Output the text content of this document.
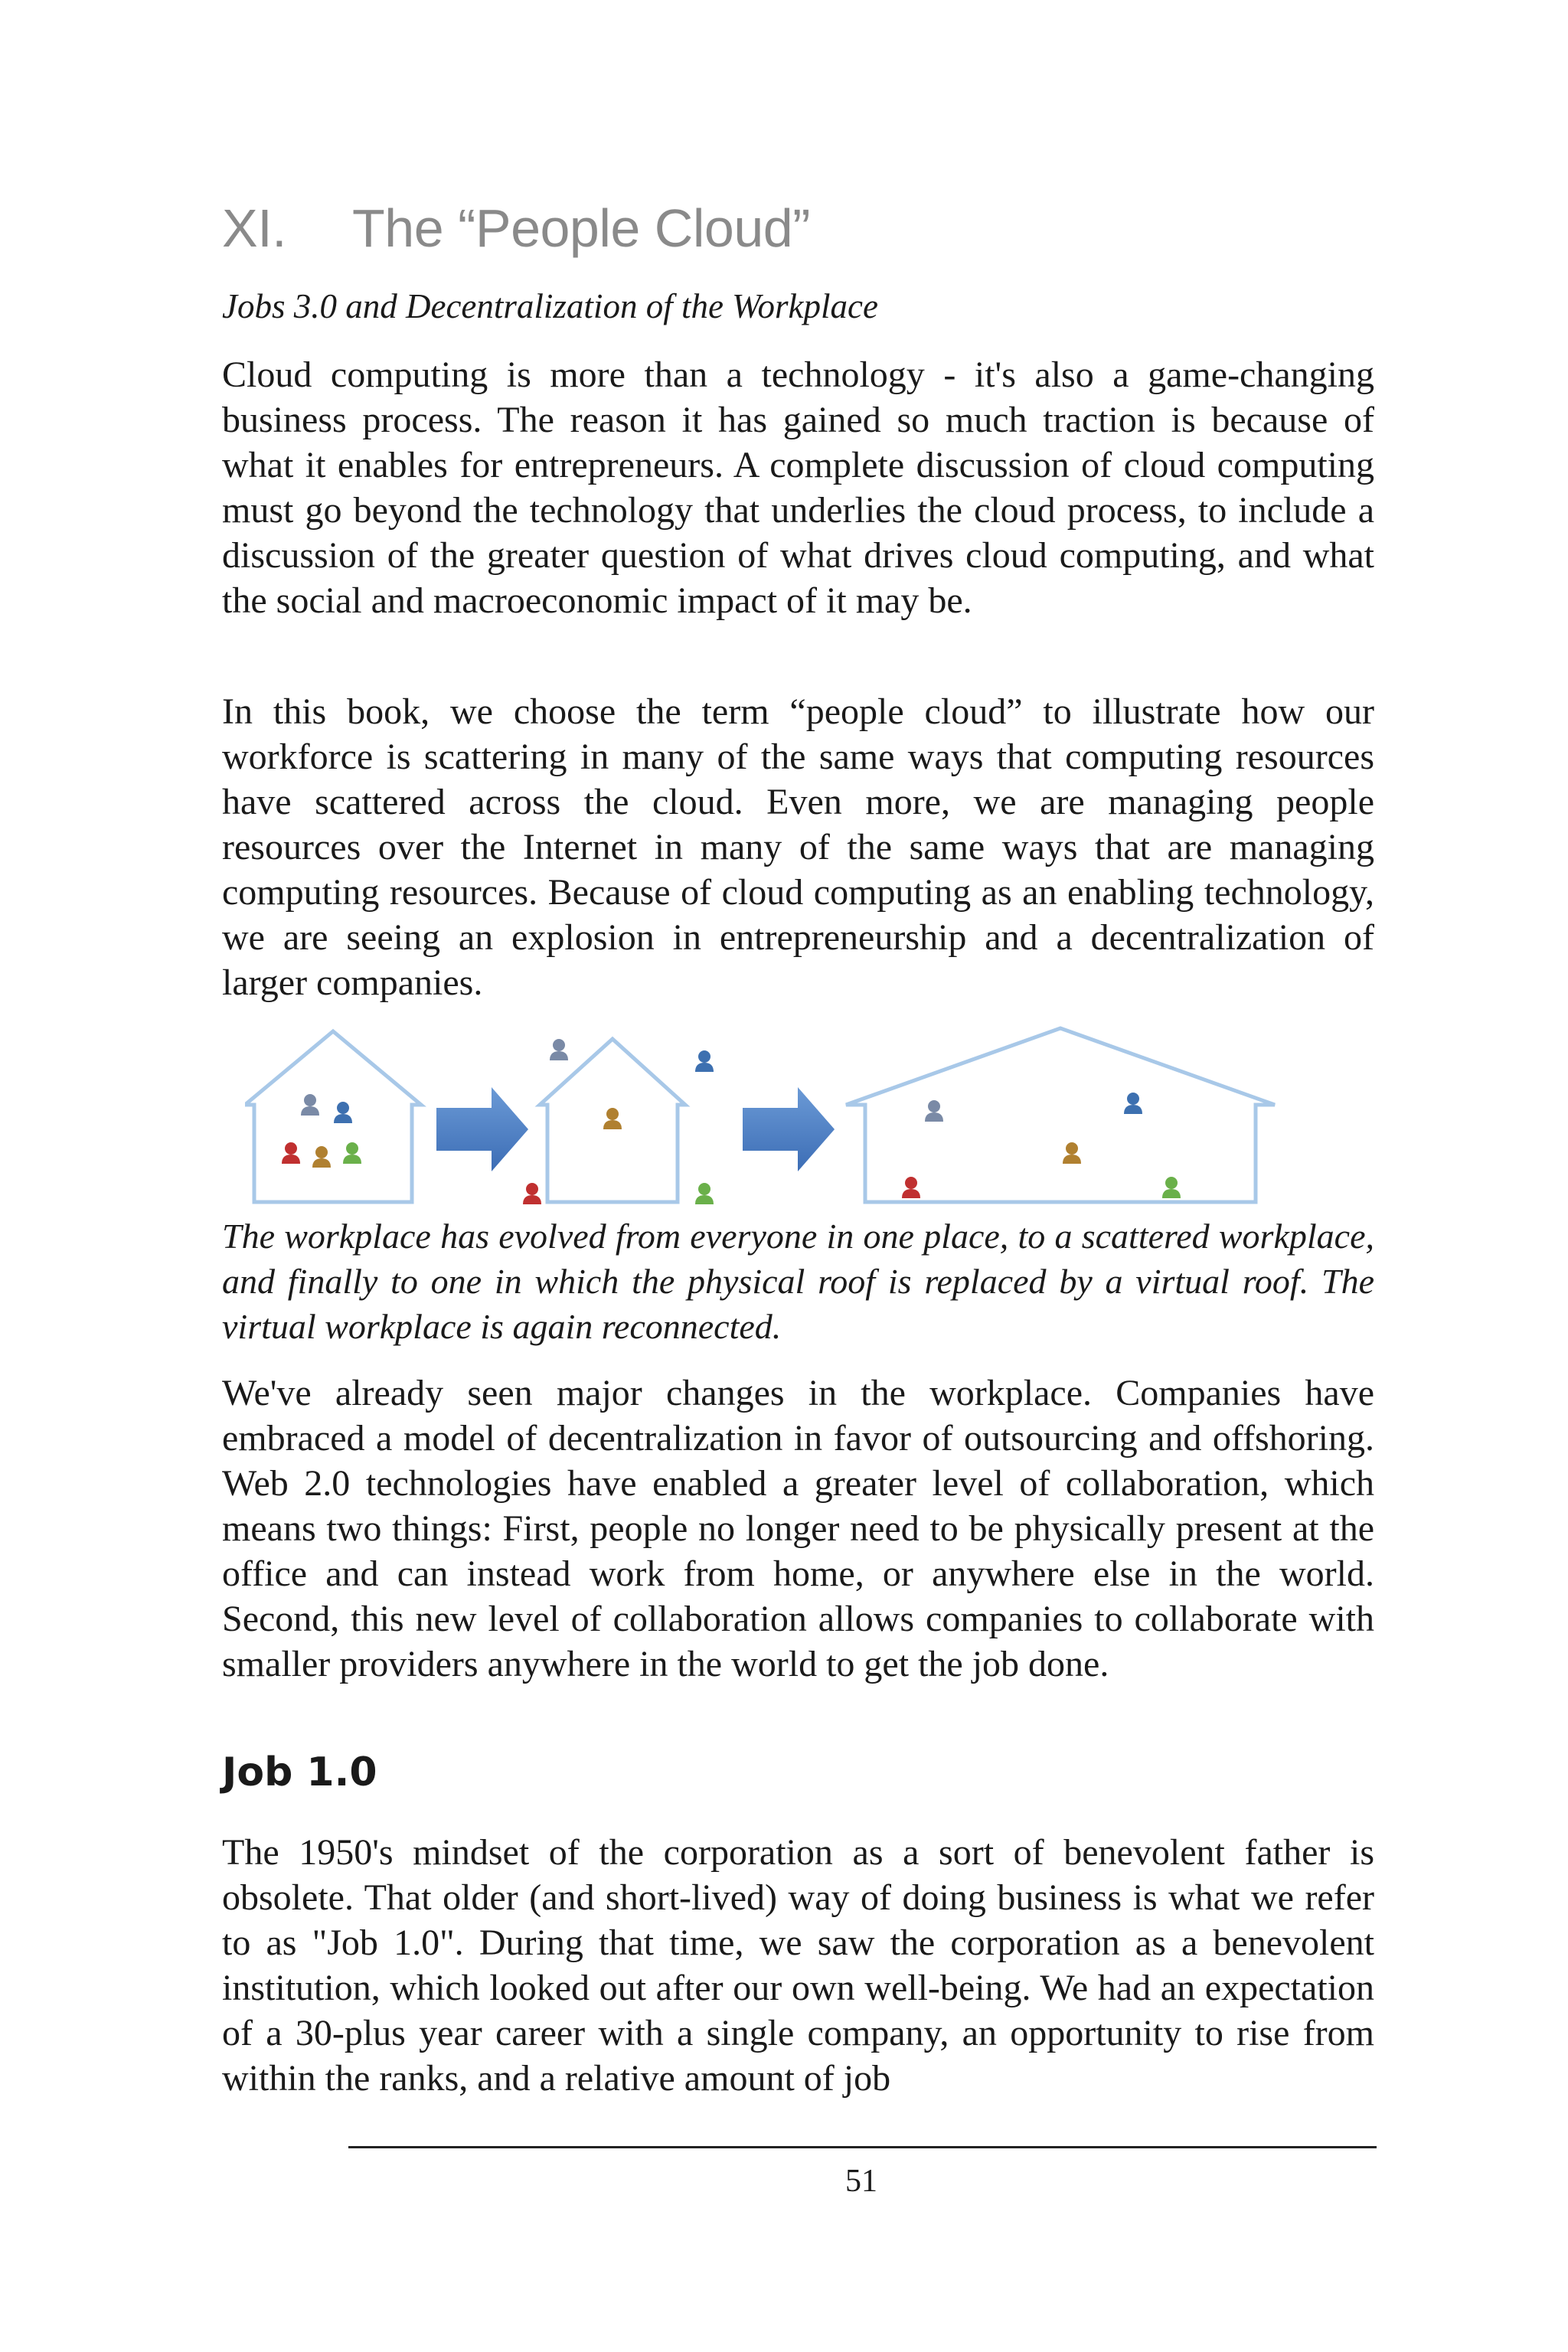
XI. The “People Cloud”
Jobs 3.0 and Decentralization of the Workplace

Cloud computing is more than a technology - it's also a game-changing business process. The reason it has gained so much traction is because of what it enables for entrepreneurs. A complete discussion of cloud computing must go beyond the technology that underlies the cloud process, to include a discussion of the greater question of what drives cloud computing, and what the social and macroeconomic impact of it may be.

In this book, we choose the term “people cloud” to illustrate how our workforce is scattering in many of the same ways that computing resources have scattered across the cloud. Even more, we are managing people resources over the Internet in many of the same ways that are managing computing resources. Because of cloud computing as an enabling technology, we are seeing an explosion in entrepreneurship and a decentralization of larger companies.

The workplace has evolved from everyone in one place, to a scattered workplace, and finally to one in which the physical roof is replaced by a virtual roof. The virtual workplace is again reconnected.

We've already seen major changes in the workplace. Companies have embraced a model of decentralization in favor of outsourcing and offshoring. Web 2.0 technologies have enabled a greater level of collaboration, which means two things: First, people no longer need to be physically present at the office and can instead work from home, or anywhere else in the world. Second, this new level of collaboration allows companies to collaborate with smaller providers anywhere in the world to get the job done.

Job 1.0

The 1950's mindset of the corporation as a sort of benevolent father is obsolete. That older (and short-lived) way of doing business is what we refer to as "Job 1.0". During that time, we saw the corporation as a benevolent institution, which looked out after our own well-being. We had an expectation of a 30-plus year career with a single company, an opportunity to rise from within the ranks, and a relative amount of job

51
